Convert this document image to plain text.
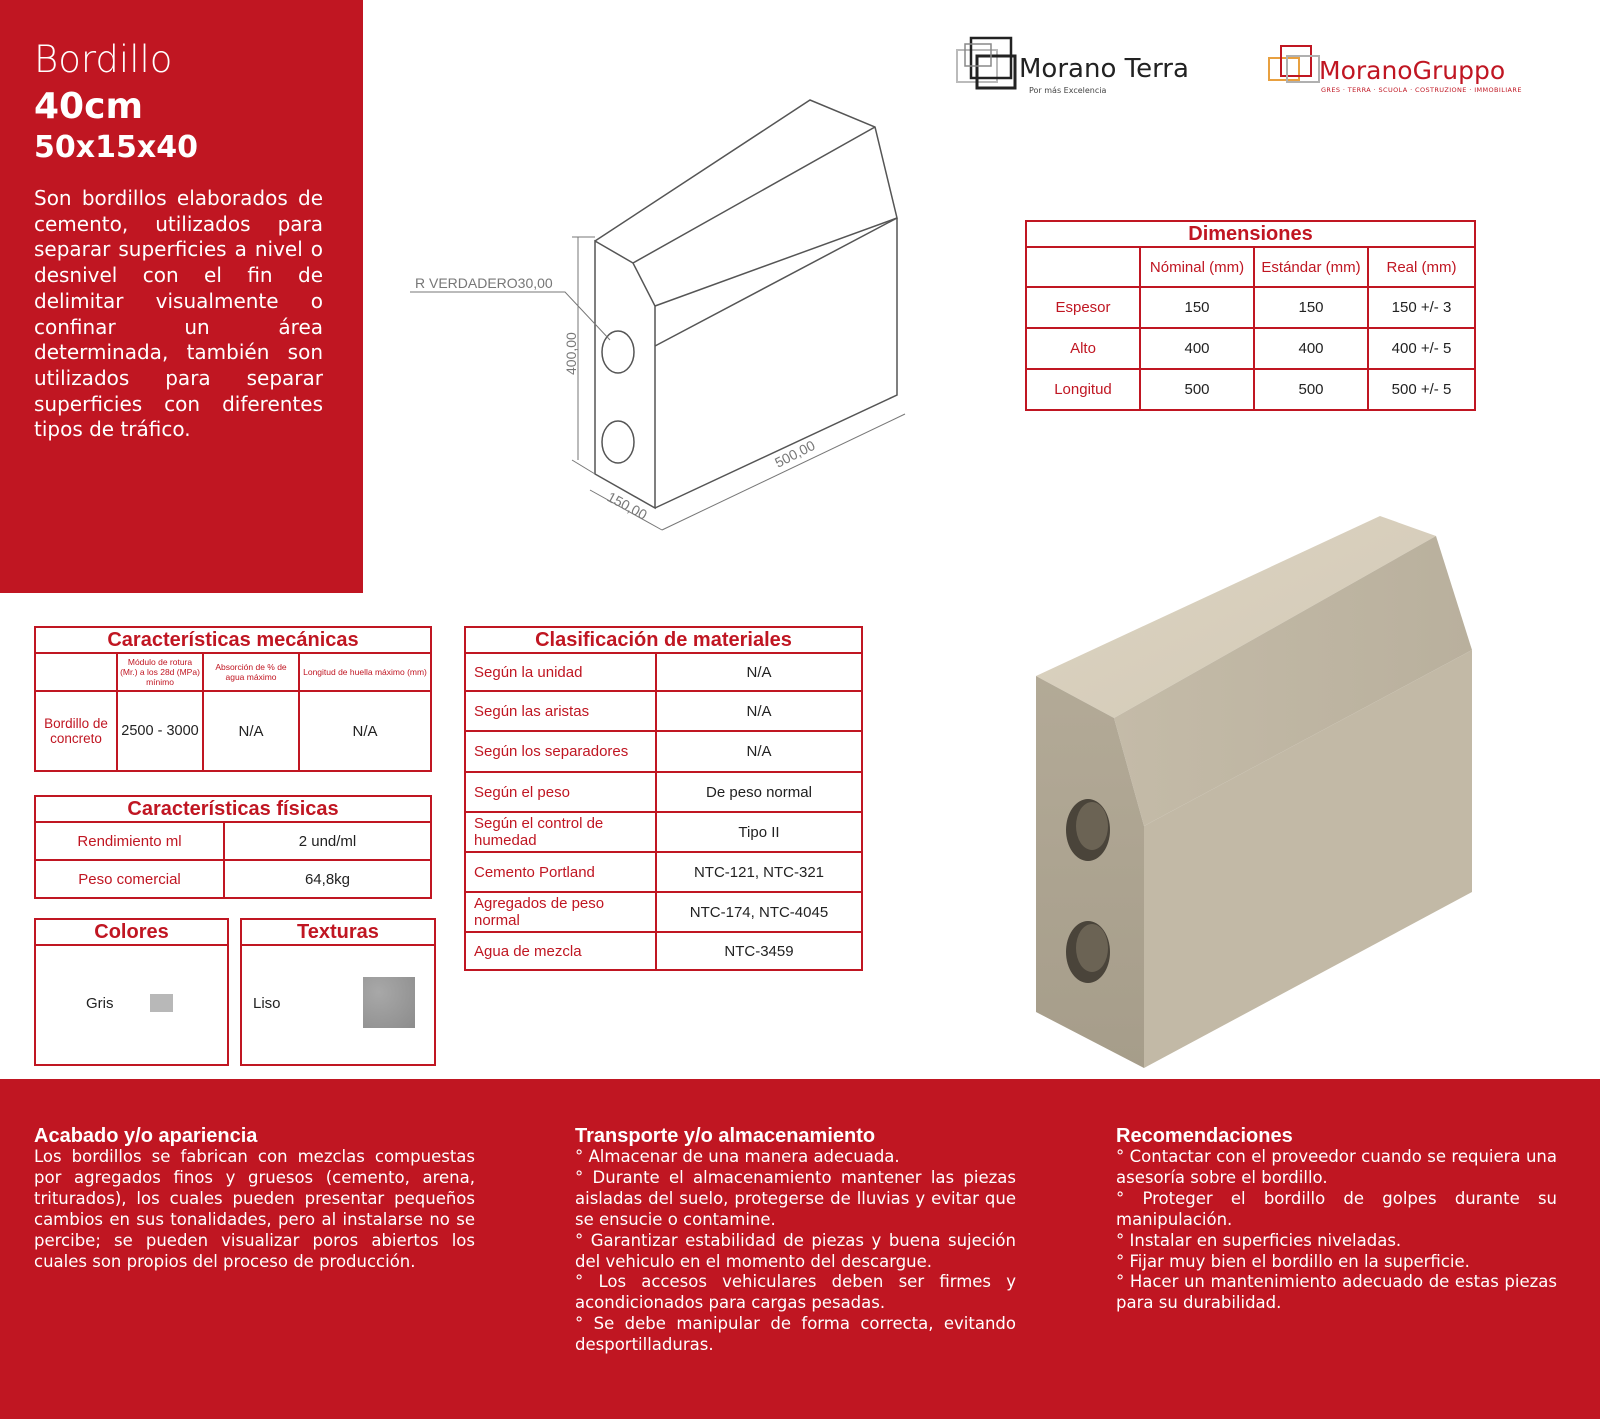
Bordillo
40cm
50x15x40
Son bordillos elaborados de cemento, utilizados para separar superficies a nivel o desnivel con el fin de delimitar visualmente o confinar un área determinada, también son utilizados para separar superficies con diferentes tipos de tráfico.
Morano Terra
Por más Excelencia
MoranoGruppo
GRES · TERRA · SCUOLA · COSTRUZIONE · IMMOBILIARE
R VERDADERO30,00
400,00
500,00
150,00
Dimensiones			
	Nóminal (mm)	Estándar (mm)	Real (mm)
Espesor	150	150	150 +/- 3
Alto	400	400	400 +/- 5
Longitud	500	500	500 +/- 5
Características mecánicas			
	Módulo de rotura (Mr.) a los 28d (MPa) mínimo	Absorción de % de agua máximo	Longitud de huella máximo (mm)
Bordillo de concreto	2500 - 3000	N/A	N/A
Características físicas	
Rendimiento ml	2 und/ml
Peso comercial	64,8kg
Colores
Gris
Texturas
Liso
Clasificación de materiales	
Según la unidad	N/A
Según las aristas	N/A
Según los separadores	N/A
Según el peso	De peso normal
Según el control de humedad	Tipo II
Cemento Portland	NTC-121, NTC-321
Agregados de peso normal	NTC-174, NTC-4045
Agua de mezcla	NTC-3459
Acabado y/o apariencia
Los bordillos se fabrican con mezclas compuestas por agregados finos y gruesos (cemento, arena, triturados), los cuales pueden presentar pequeños cambios en sus tonalidades, pero al instalarse no se percibe; se pueden visualizar poros abiertos los cuales son propios del proceso de producción.
Transporte y/o almacenamiento
° Almacenar de una manera adecuada.
° Durante el almacenamiento mantener las piezas aisladas del suelo, protegerse de lluvias y evitar que se ensucie o contamine.
° Garantizar estabilidad de piezas y buena sujeción del vehiculo en el momento del descargue.
° Los accesos vehiculares deben ser firmes y acondicionados para cargas pesadas.
° Se debe manipular de forma correcta, evitando desportilladuras.
Recomendaciones
° Contactar con el proveedor cuando se requiera una asesoría sobre el bordillo.
° Proteger el bordillo de golpes durante su manipulación.
° Instalar en superficies niveladas.
° Fijar muy bien el bordillo en la superficie.
° Hacer un mantenimiento adecuado de estas piezas para su durabilidad.
